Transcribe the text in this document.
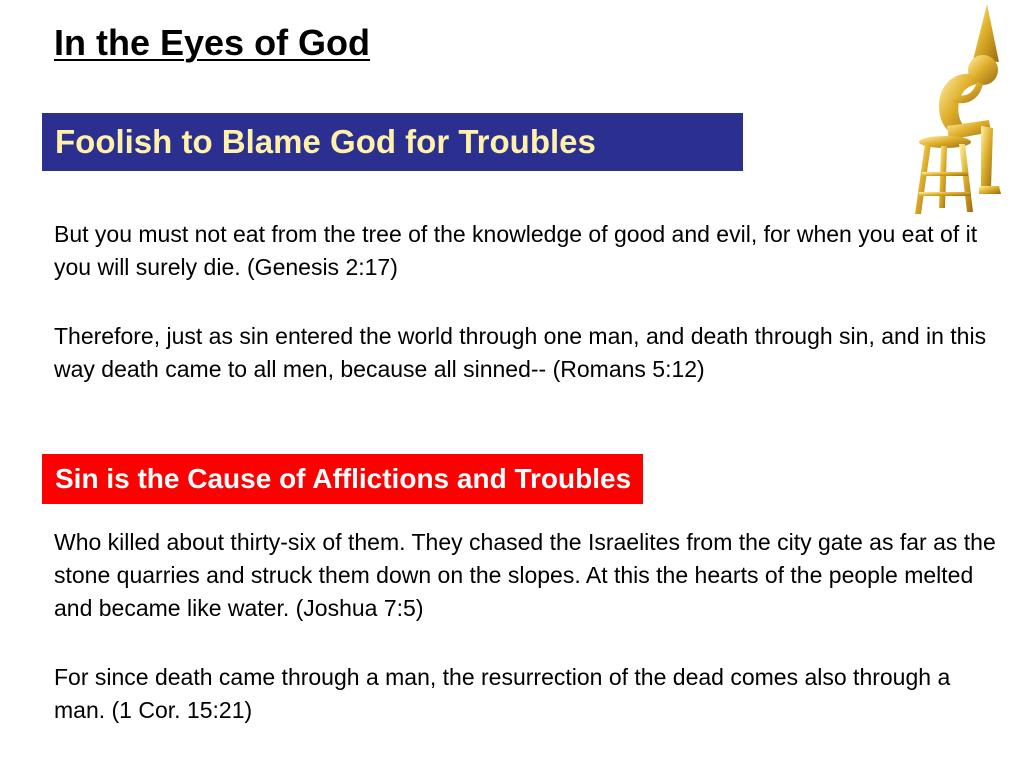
In the Eyes of God
Foolish to Blame God for Troubles

But you must not eat from the tree of the knowledge of good and evil, for when you eat of it you will surely die. (Genesis 2:17)

Therefore, just as sin entered the world through one man, and death through sin, and in this way death came to all men, because all sinned-- (Romans 5:12)

Sin is the Cause of Afflictions and Troubles

Who killed about thirty-six of them. They chased the Israelites from the city gate as far as the stone quarries and struck them down on the slopes. At this the hearts of the people melted and became like water. (Joshua 7:5)

For since death came through a man, the resurrection of the dead comes also through a man. (1 Cor. 15:21)
